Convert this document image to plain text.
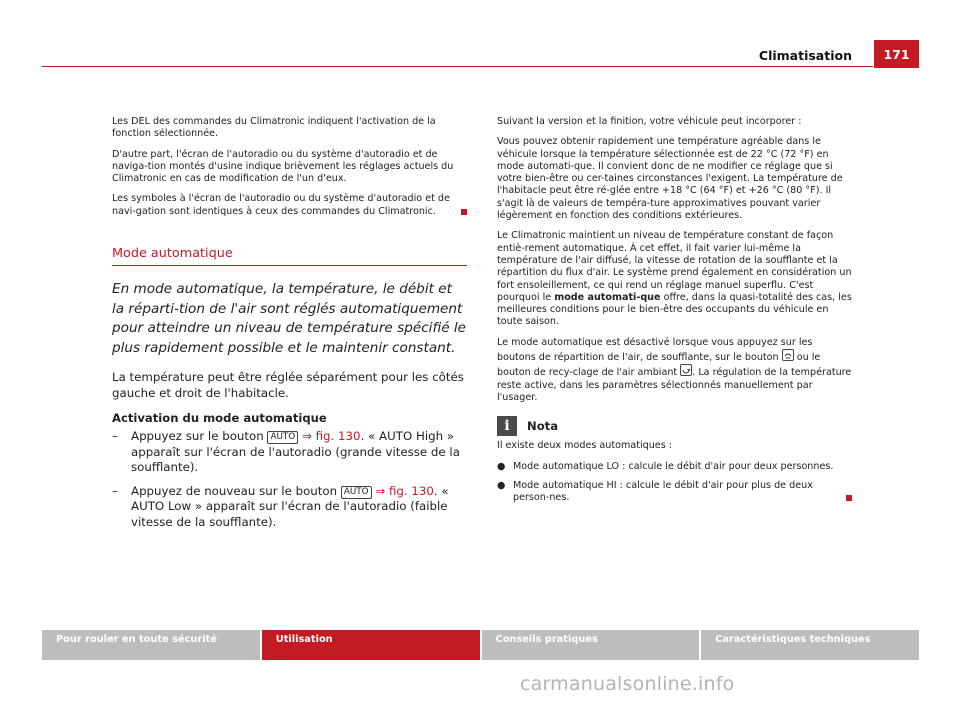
Climatisation	171

Les DEL des commandes du Climatronic indiquent l'activation de la fonction sélectionnée.

D'autre part, l'écran de l'autoradio ou du système d'autoradio et de naviga-tion montés d'usine indique brièvement les réglages actuels du Climatronic en cas de modification de l'un d'eux.

Les symboles à l'écran de l'autoradio ou du système d'autoradio et de navi-gation sont identiques à ceux des commandes du Climatronic.

Mode automatique
En mode automatique, la température, le débit et la réparti-tion de l'air sont réglés automatiquement pour atteindre un niveau de température spécifié le plus rapidement possible et le maintenir constant.

La température peut être réglée séparément pour les côtés gauche et droit de l'habitacle.

Activation du mode automatique
– Appuyez sur le bouton AUTO ⇒ fig. 130. « AUTO High » apparaît sur l'écran de l'autoradio (grande vitesse de la soufflante).
– Appuyez de nouveau sur le bouton AUTO ⇒ fig. 130. « AUTO Low » apparaît sur l'écran de l'autoradio (faible vitesse de la soufflante).

Suivant la version et la finition, votre véhicule peut incorporer :

Vous pouvez obtenir rapidement une température agréable dans le véhicule lorsque la température sélectionnée est de 22 °C (72 °F) en mode automati-que. Il convient donc de ne modifier ce réglage que si votre bien-être ou cer-taines circonstances l'exigent. La température de l'habitacle peut être ré-glée entre +18 °C (64 °F) et +26 °C (80 °F). Il s'agit là de valeurs de tempéra-ture approximatives pouvant varier légèrement en fonction des conditions extérieures.

Le Climatronic maintient un niveau de température constant de façon entiè-rement automatique. À cet effet, il fait varier lui-même la température de l'air diffusé, la vitesse de rotation de la soufflante et la répartition du flux d'air. Le système prend également en considération un fort ensoleillement, ce qui rend un réglage manuel superflu. C'est pourquoi le mode automati-que offre, dans la quasi-totalité des cas, les meilleures conditions pour le bien-être des occupants du véhicule en toute saison.

Le mode automatique est désactivé lorsque vous appuyez sur les boutons de répartition de l'air, de soufflante, sur le bouton
ou le bouton de recy-clage de l'air ambiant
. La régulation de la température reste active, dans les paramètres sélectionnés manuellement par l'usager.

i	Nota

Il existe deux modes automatiques :

● Mode automatique LO : calcule le débit d'air pour deux personnes.
● Mode automatique HI : calcule le débit d'air pour plus de deux person-nes.
Pour rouler en toute sécurité	Utilisation	Conseils pratiques	Caractéristiques techniques
carmanualsonline.info
